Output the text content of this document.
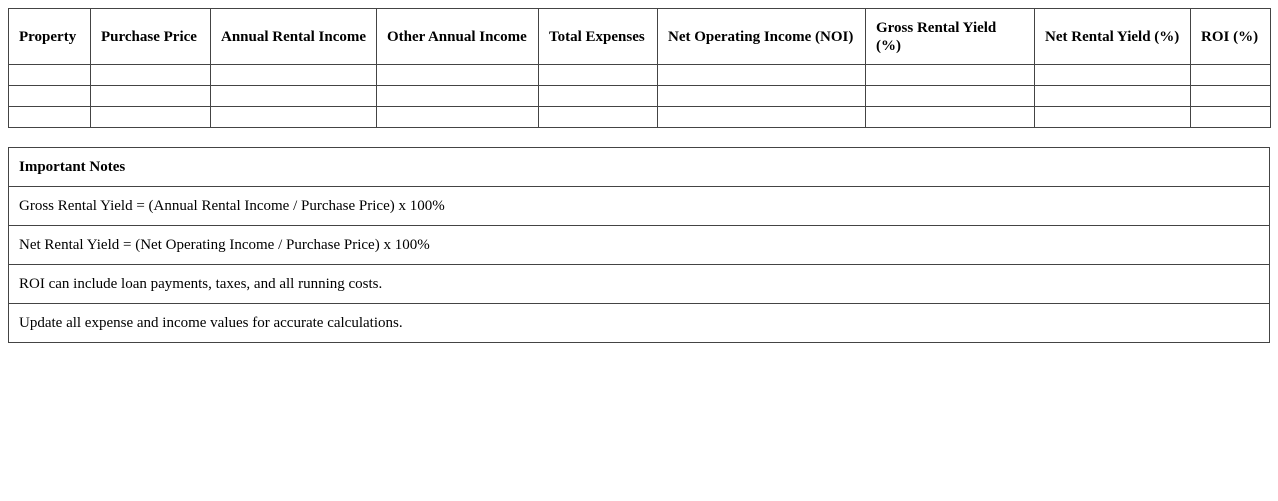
Property	Purchase Price	Annual Rental Income	Other Annual Income	Total Expenses	Net Operating Income (NOI)	Gross Rental Yield (%)	Net Rental Yield (%)	ROI (%)

Important Notes
Gross Rental Yield = (Annual Rental Income / Purchase Price) x 100%
Net Rental Yield = (Net Operating Income / Purchase Price) x 100%
ROI can include loan payments, taxes, and all running costs.
Update all expense and income values for accurate calculations.
